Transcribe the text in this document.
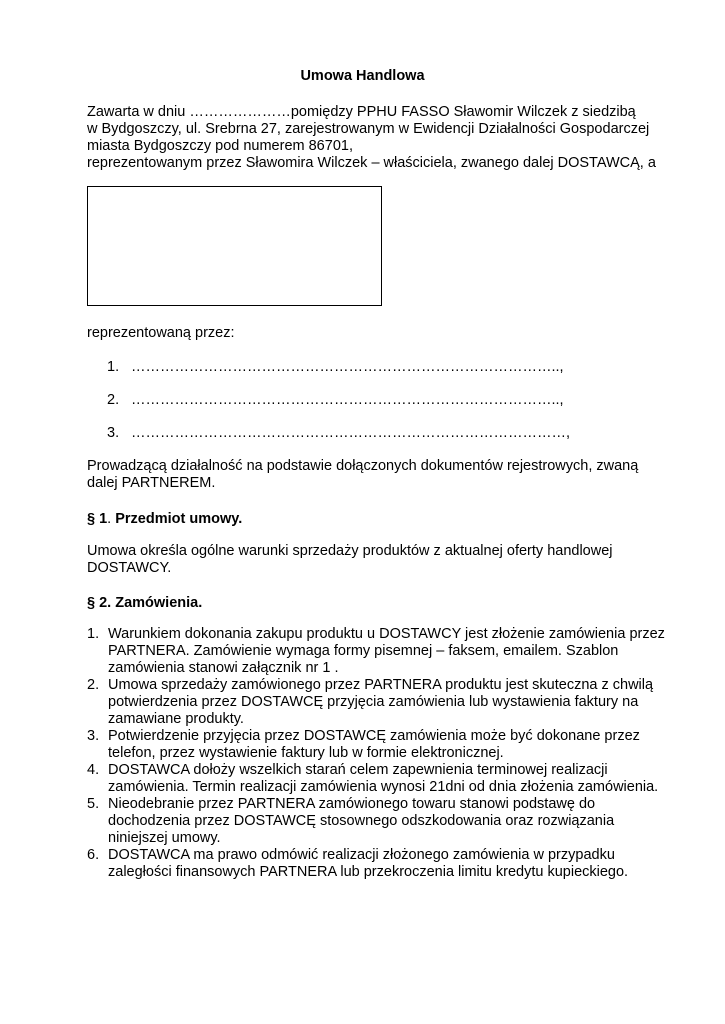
Umowa Handlowa
Zawarta w dniu …………………pomiędzy PPHU FASSO Sławomir Wilczek z siedzibą
w Bydgoszczy, ul. Srebrna 27, zarejestrowanym w Ewidencji Działalności Gospodarczej
miasta Bydgoszczy pod numerem 86701,
reprezentowanym przez Sławomira Wilczek – właściciela, zwanego dalej DOSTAWCĄ, a
reprezentowaną przez:
1. ……………………………………………………………………………..,
2. ……………………………………………………………………………..,
3. ………………………………………………………………………………,
Prowadzącą działalność na podstawie dołączonych dokumentów rejestrowych, zwaną
dalej PARTNEREM.
§ 1. Przedmiot umowy.
Umowa określa ogólne warunki sprzedaży produktów z aktualnej oferty handlowej
DOSTAWCY.
§ 2. Zamówienia.
1. Warunkiem dokonania zakupu produktu u DOSTAWCY jest złożenie zamówienia przez
PARTNERA. Zamówienie wymaga formy pisemnej – faksem, emailem. Szablon
zamówienia stanowi załącznik nr 1 .
2. Umowa sprzedaży zamówionego przez PARTNERA produktu jest skuteczna z chwilą
potwierdzenia przez DOSTAWCĘ przyjęcia zamówienia lub wystawienia faktury na
zamawiane produkty.
3. Potwierdzenie przyjęcia przez DOSTAWCĘ zamówienia może być dokonane przez
telefon, przez wystawienie faktury lub w formie elektronicznej.
4. DOSTAWCA dołoży wszelkich starań celem zapewnienia terminowej realizacji
zamówienia. Termin realizacji zamówienia wynosi 21dni od dnia złożenia zamówienia.
5. Nieodebranie przez PARTNERA zamówionego towaru stanowi podstawę do
dochodzenia przez DOSTAWCĘ stosownego odszkodowania oraz rozwiązania
niniejszej umowy.
6. DOSTAWCA ma prawo odmówić realizacji złożonego zamówienia w przypadku
zaległości finansowych PARTNERA lub przekroczenia limitu kredytu kupieckiego.
